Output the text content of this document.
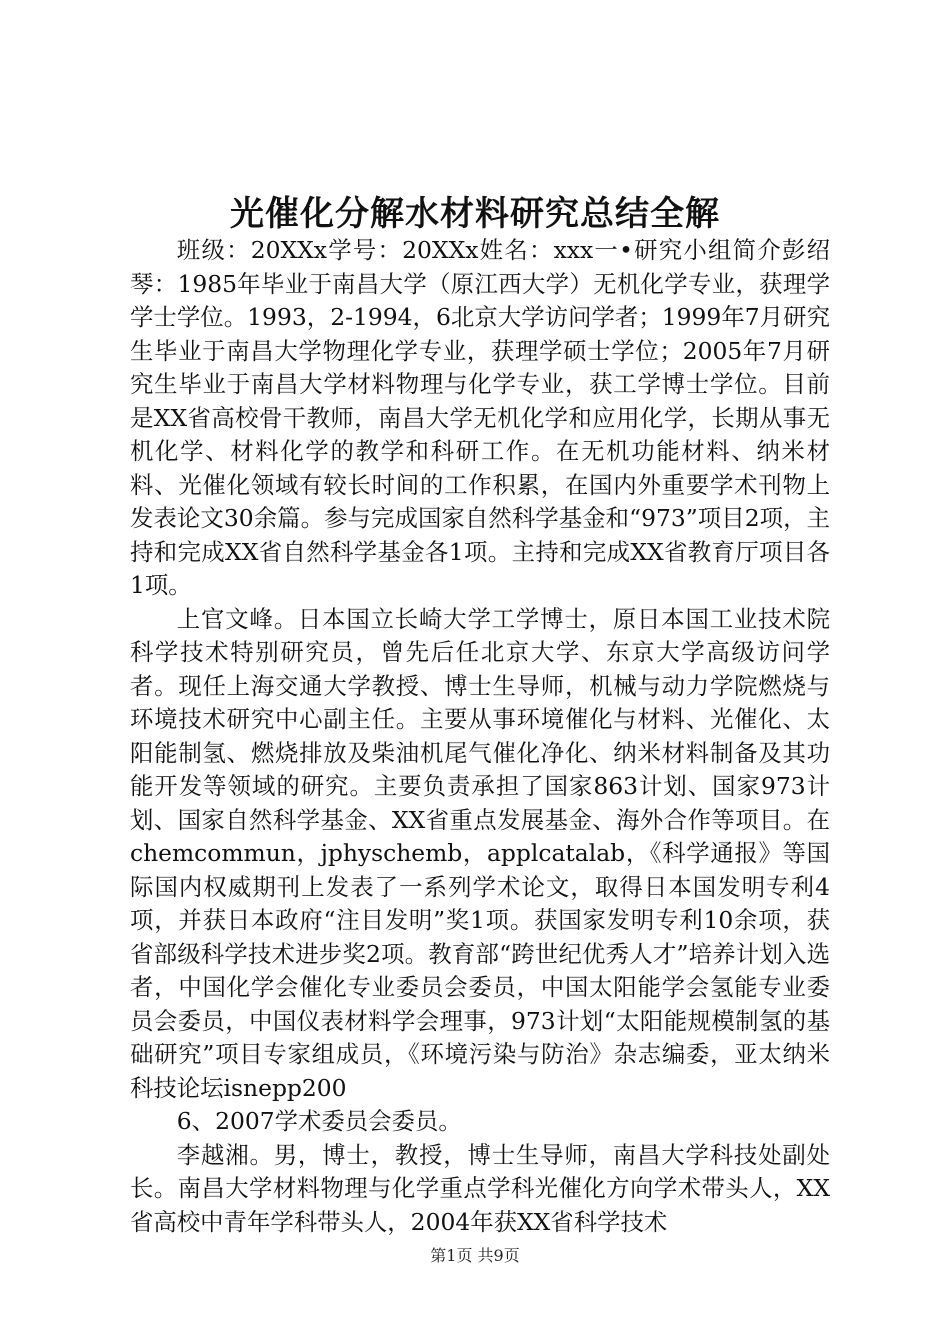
光催化分解水材料研究总结全解

班级：20XXx学号：20XXx姓名：xxx一•研究小组简介彭绍琴：1985年毕业于南昌大学（原江西大学）无机化学专业，获理学学士学位。1993，2-1994，6北京大学访问学者；1999年7月研究生毕业于南昌大学物理化学专业，获理学硕士学位；2005年7月研究生毕业于南昌大学材料物理与化学专业，获工学博士学位。目前是XX省高校骨干教师，南昌大学无机化学和应用化学，长期从事无机化学、材料化学的教学和科研工作。在无机功能材料、纳米材料、光催化领域有较长时间的工作积累，在国内外重要学术刊物上发表论文30余篇。参与完成国家自然科学基金和“973”项目2项，主持和完成XX省自然科学基金各1项。主持和完成XX省教育厅项目各1项。

上官文峰。日本国立长崎大学工学博士，原日本国工业技术院科学技术特别研究员，曾先后任北京大学、东京大学高级访问学者。现任上海交通大学教授、博士生导师，机械与动力学院燃烧与环境技术研究中心副主任。主要从事环境催化与材料、光催化、太阳能制氢、燃烧排放及柴油机尾气催化净化、纳米材料制备及其功能开发等领域的研究。主要负责承担了国家863计划、国家973计划、国家自然科学基金、XX省重点发展基金、海外合作等项目。在chemcommun，jphyschemb，applcatalab，《科学通报》等国际国内权威期刊上发表了一系列学术论文，取得日本国发明专利4项，并获日本政府“注目发明”奖1项。获国家发明专利10余项，获省部级科学技术进步奖2项。教育部“跨世纪优秀人才”培养计划入选者，中国化学会催化专业委员会委员，中国太阳能学会氢能专业委员会委员，中国仪表材料学会理事，973计划“太阳能规模制氢的基础研究”项目专家组成员，《环境污染与防治》杂志编委，亚太纳米科技论坛isnepp200

6、2007学术委员会委员。

李越湘。男，博士，教授，博士生导师，南昌大学科技处副处长。南昌大学材料物理与化学重点学科光催化方向学术带头人，XX省高校中青年学科带头人，2004年获XX省科学技术

第1页 共9页
